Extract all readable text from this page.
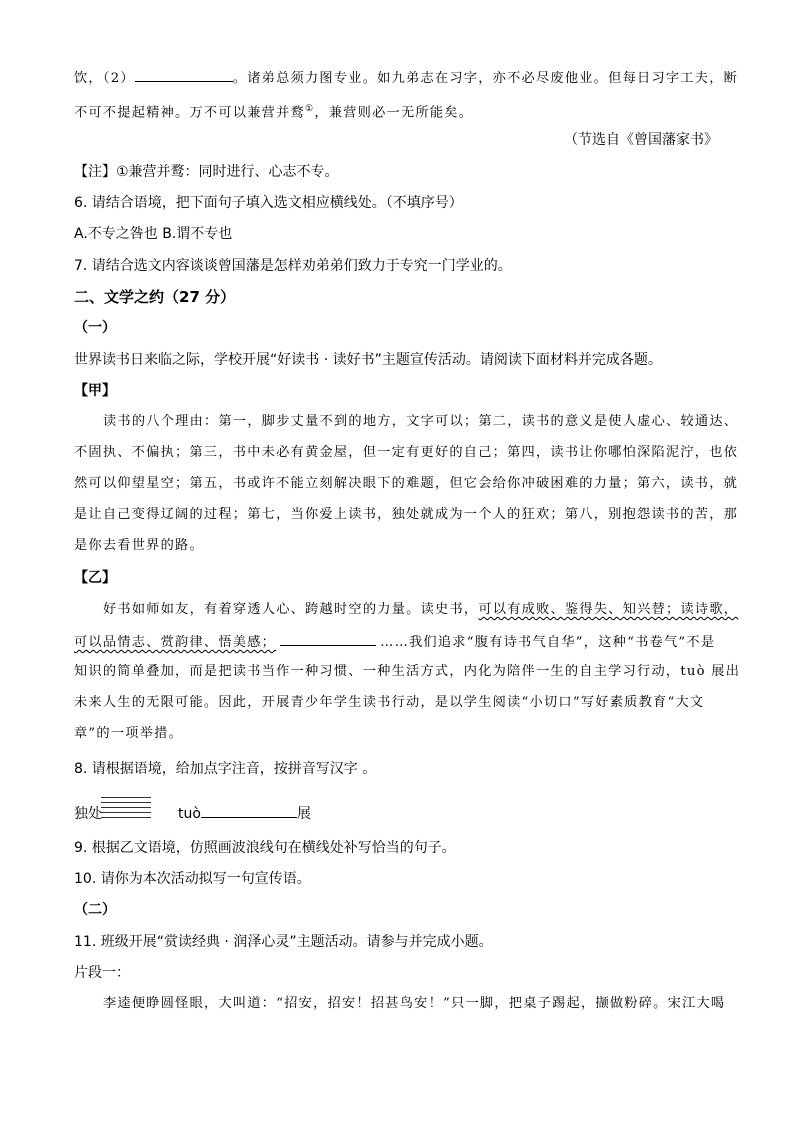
饮，（2）	。诸弟总须力图专业。如九弟志在习字，亦不必尽废他业。但每日习字工夫，断
不可不提起精神。万不可以兼营并鹜①，兼营则必一无所能矣。
（节选自《曾国藩家书》
【注】①兼营并鹜：同时进行、心志不专。
6. 请结合语境，把下面句子填入选文相应横线处。（不填序号）
A.不专之咎也 B.谓不专也
7. 请结合选文内容谈谈曾国藩是怎样劝弟弟们致力于专究一门学业的。
二、文学之约（27 分）
（一）
世界读书日来临之际，学校开展“好读书 · 读好书”主题宣传活动。请阅读下面材料并完成各题。
【甲】
读书的八个理由：第一，脚步丈量不到的地方，文字可以；第二，读书的意义是使人虚心、较通达、
不固执、不偏执；第三，书中未必有黄金屋，但一定有更好的自己；第四，读书让你哪怕深陷泥泞，也依
然可以仰望星空；第五，书或许不能立刻解决眼下的难题，但它会给你冲破困难的力量；第六，读书，就
是让自己变得辽阔的过程；第七，当你爱上读书，独处就成为一个人的狂欢；第八，别抱怨读书的苦，那
是你去看世界的路。
【乙】
好书如师如友，有着穿透人心、跨越时空的力量。读史书，可以有成败、鉴得失、知兴替；读诗歌，
可以品情志、赏韵律、悟美感；	……我们追求“腹有诗书气自华”，这种“书卷气”不是
知识的简单叠加，而是把读书当作一种习惯、一种生活方式，内化为陪伴一生的自主学习行动，tuò 展出
未来人生的无限可能。因此，开展青少年学生读书行动，是以学生阅读“小切口”写好素质教育“大文
章”的一项举措。
8. 请根据语境，给加点字注音，按拼音写汉字 。
独处	tuò	展
9. 根据乙文语境，仿照画波浪线句在横线处补写恰当的句子。
10. 请你为本次活动拟写一句宣传语。
（二）
11. 班级开展“赏读经典 · 润泽心灵”主题活动。请参与并完成小题。
片段一：
李逵便睁圆怪眼，大叫道：“招安，招安！招甚鸟安！”只一脚，把桌子踢起，撷做粉碎。宋江大喝
